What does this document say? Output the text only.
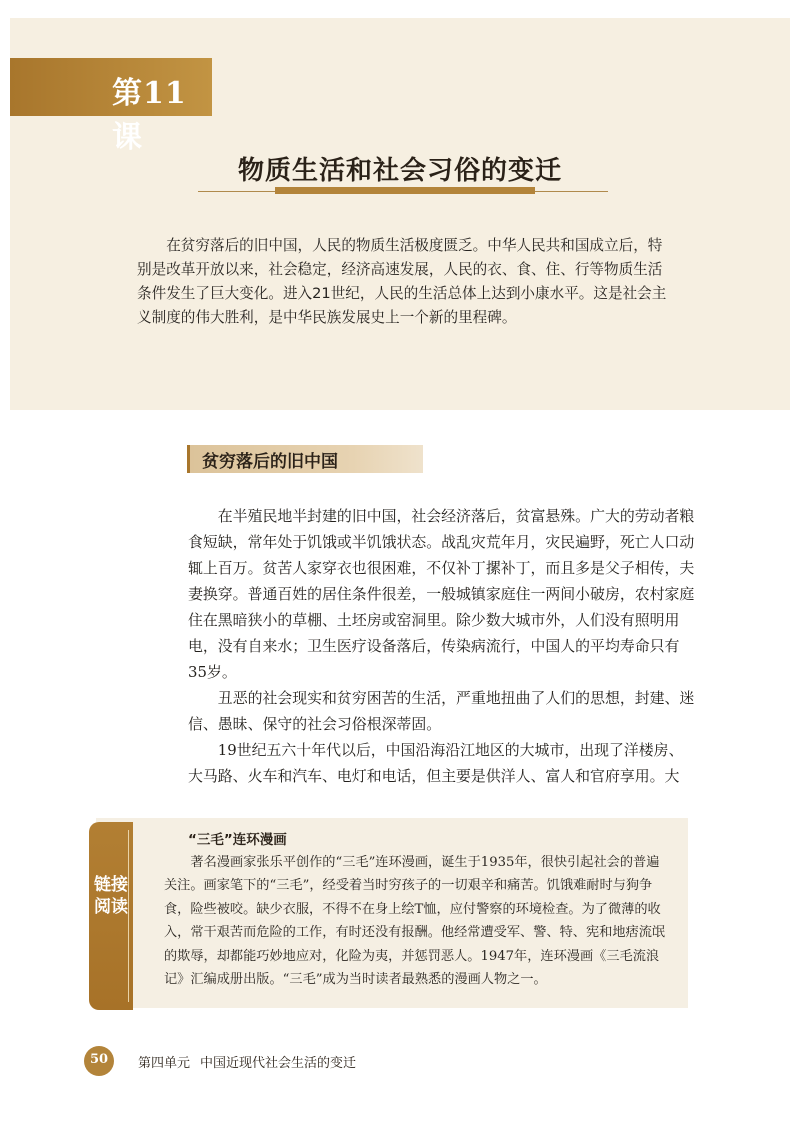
第11课
物质生活和社会习俗的变迁

在贫穷落后的旧中国，人民的物质生活极度匮乏。中华人民共和国成立后，特别是改革开放以来，社会稳定，经济高速发展，人民的衣、食、住、行等物质生活条件发生了巨大变化。进入21世纪，人民的生活总体上达到小康水平。这是社会主义制度的伟大胜利，是中华民族发展史上一个新的里程碑。

贫穷落后的旧中国

在半殖民地半封建的旧中国，社会经济落后，贫富悬殊。广大的劳动者粮食短缺，常年处于饥饿或半饥饿状态。战乱灾荒年月，灾民遍野，死亡人口动辄上百万。贫苦人家穿衣也很困难，不仅补丁摞补丁，而且多是父子相传，夫妻换穿。普通百姓的居住条件很差，一般城镇家庭住一两间小破房，农村家庭住在黑暗狭小的草棚、土坯房或窑洞里。除少数大城市外，人们没有照明用电，没有自来水；卫生医疗设备落后，传染病流行，中国人的平均寿命只有35岁。

丑恶的社会现实和贫穷困苦的生活，严重地扭曲了人们的思想，封建、迷信、愚昧、保守的社会习俗根深蒂固。

19世纪五六十年代以后，中国沿海沿江地区的大城市，出现了洋楼房、大马路、火车和汽车、电灯和电话，但主要是供洋人、富人和官府享用。大

链接阅读
“三毛”连环漫画

著名漫画家张乐平创作的“三毛”连环漫画，诞生于1935年，很快引起社会的普遍关注。画家笔下的“三毛”，经受着当时穷孩子的一切艰辛和痛苦。饥饿难耐时与狗争食，险些被咬。缺少衣服，不得不在身上绘T恤，应付警察的环境检查。为了微薄的收入，常干艰苦而危险的工作，有时还没有报酬。他经常遭受军、警、特、宪和地痞流氓的欺辱，却都能巧妙地应对，化险为夷，并惩罚恶人。1947年，连环漫画《三毛流浪记》汇编成册出版。“三毛”成为当时读者最熟悉的漫画人物之一。

50	第四单元 中国近现代社会生活的变迁
